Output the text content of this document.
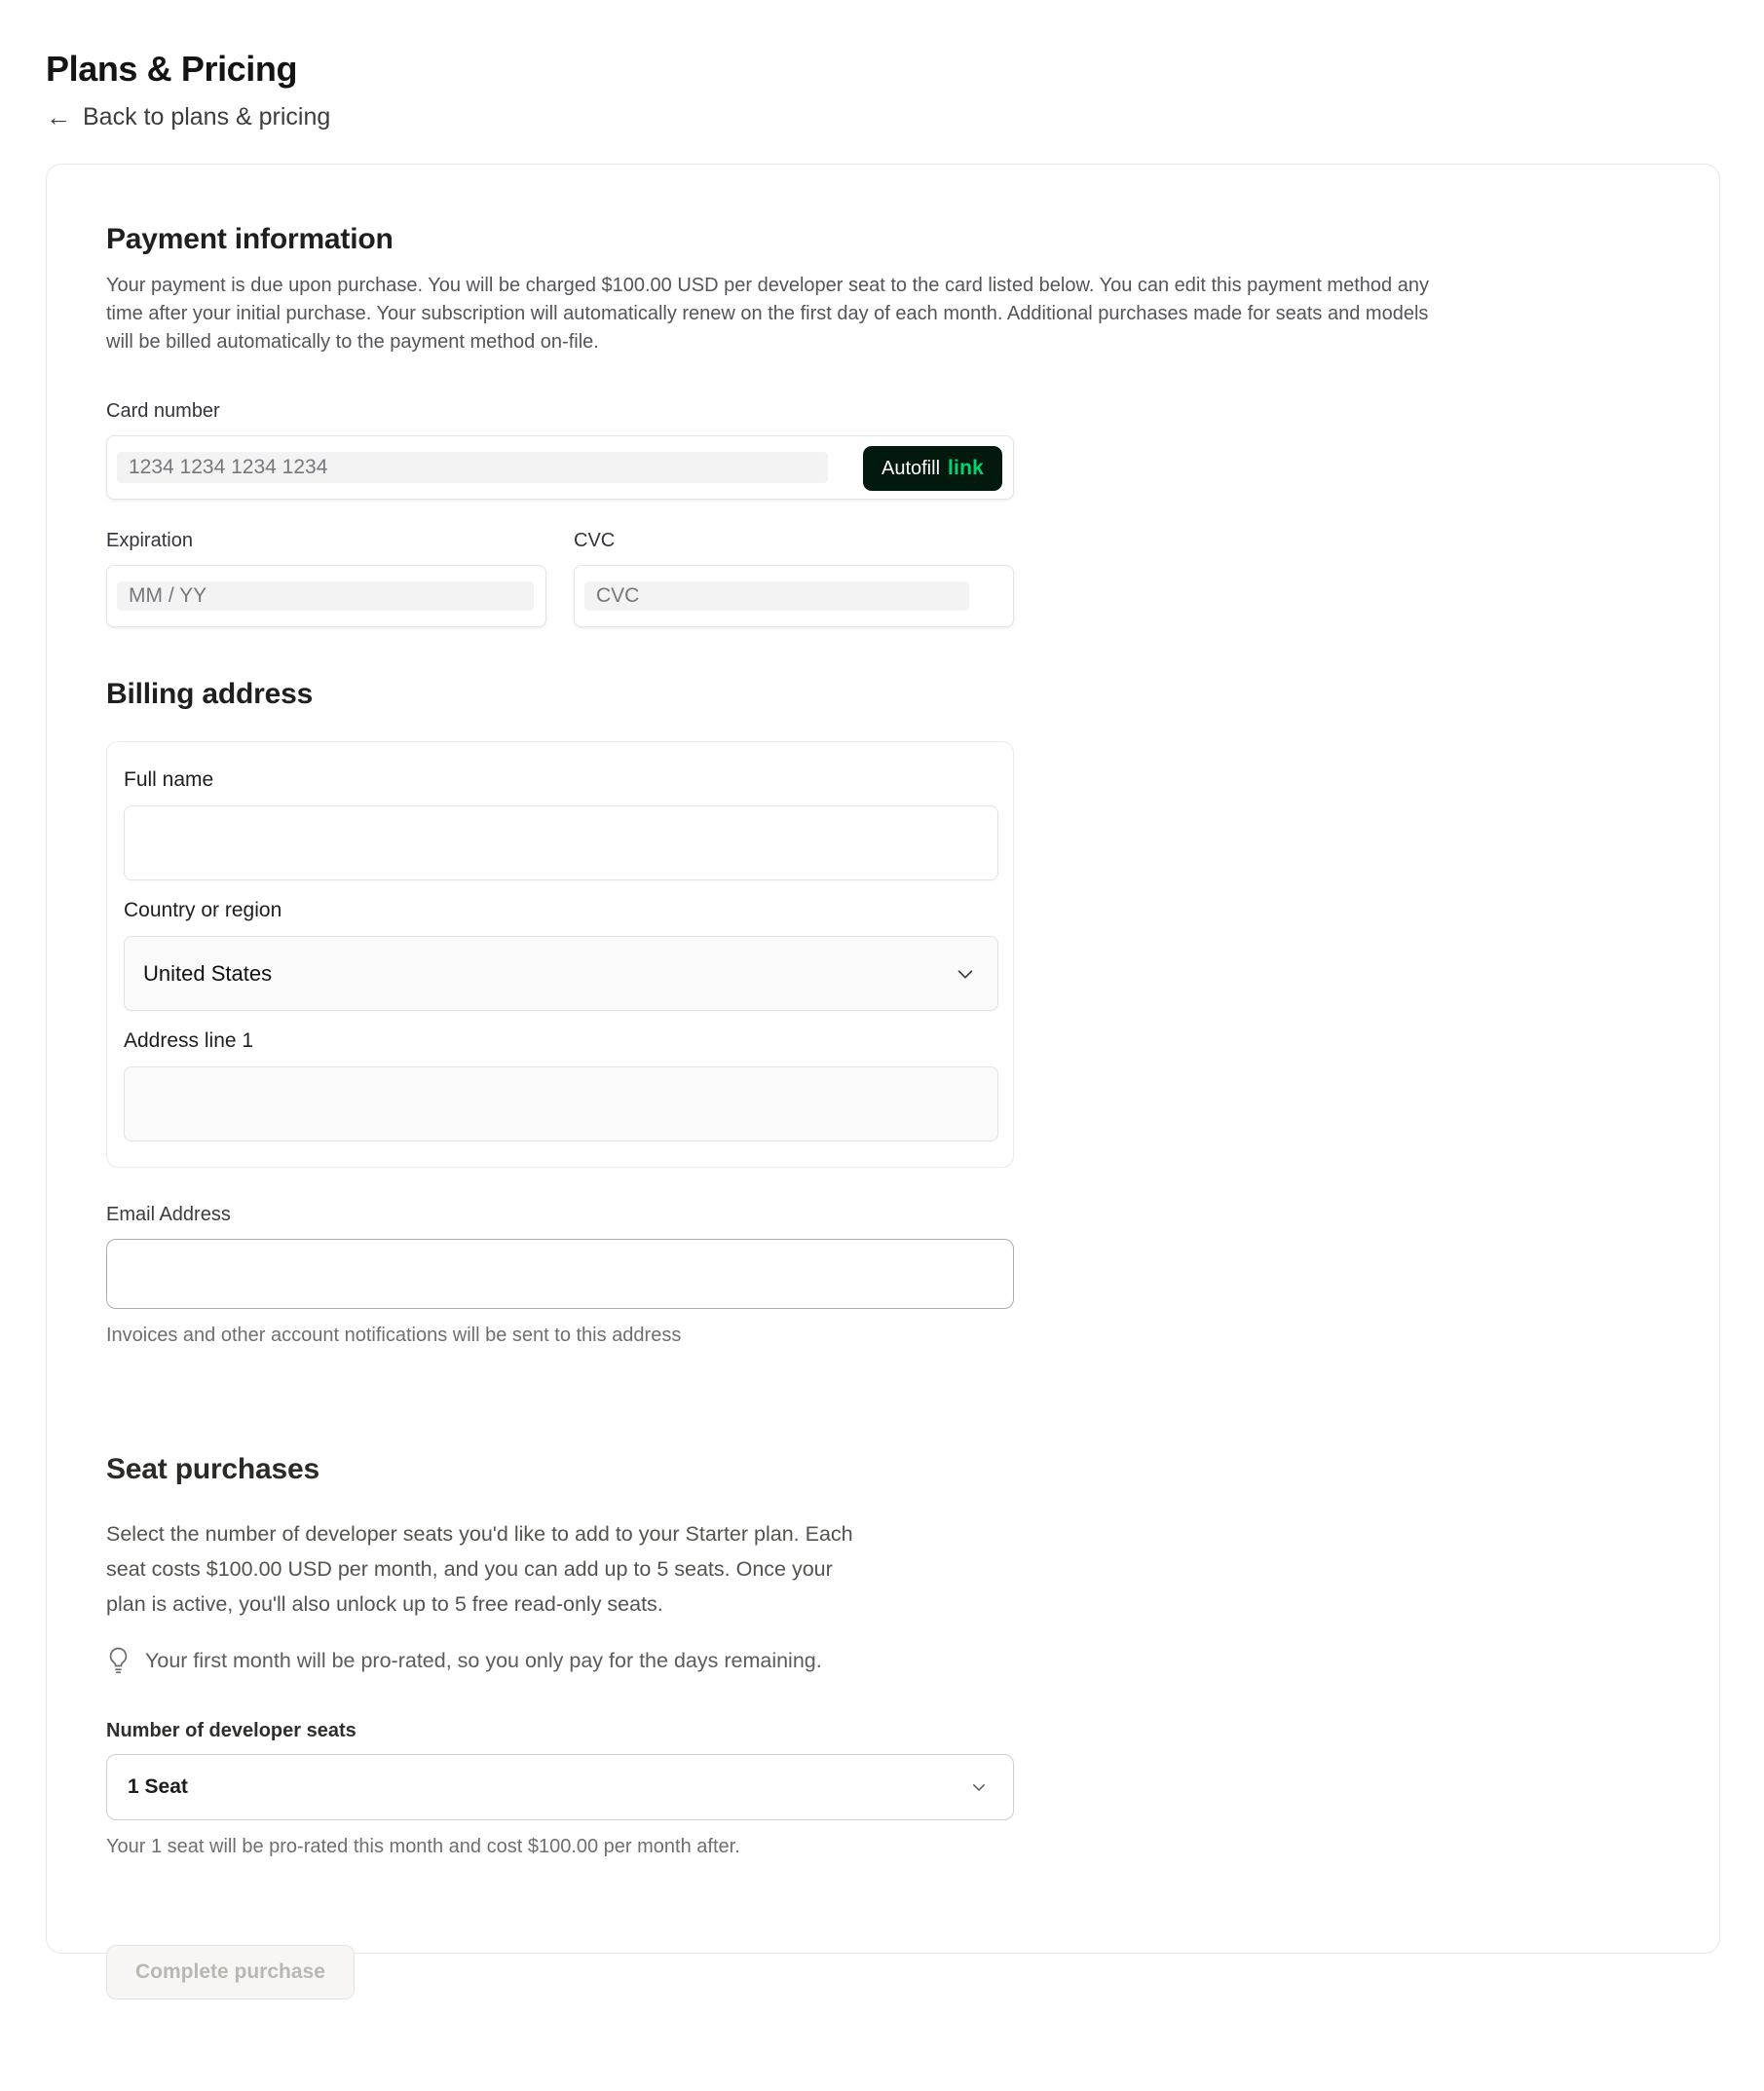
Plans & Pricing
← Back to plans & pricing
Payment information
Your payment is due upon purchase. You will be charged $100.00 USD per developer seat to the card listed below. You can edit this payment method any
time after your initial purchase. Your subscription will automatically renew on the first day of each month. Additional purchases made for seats and models
will be billed automatically to the payment method on-file.
Card number
1234 1234 1234 1234
Autofill link
Expiration
MM / YY	CVC
CVC
Billing address
Full name
Country or region
United States
Address line 1
Email Address
Invoices and other account notifications will be sent to this address
Seat purchases
Select the number of developer seats you'd like to add to your Starter plan. Each
seat costs $100.00 USD per month, and you can add up to 5 seats. Once your
plan is active, you'll also unlock up to 5 free read-only seats.
Your first month will be pro-rated, so you only pay for the days remaining.
Number of developer seats
1 Seat
Your 1 seat will be pro-rated this month and cost $100.00 per month after.
Complete purchase
